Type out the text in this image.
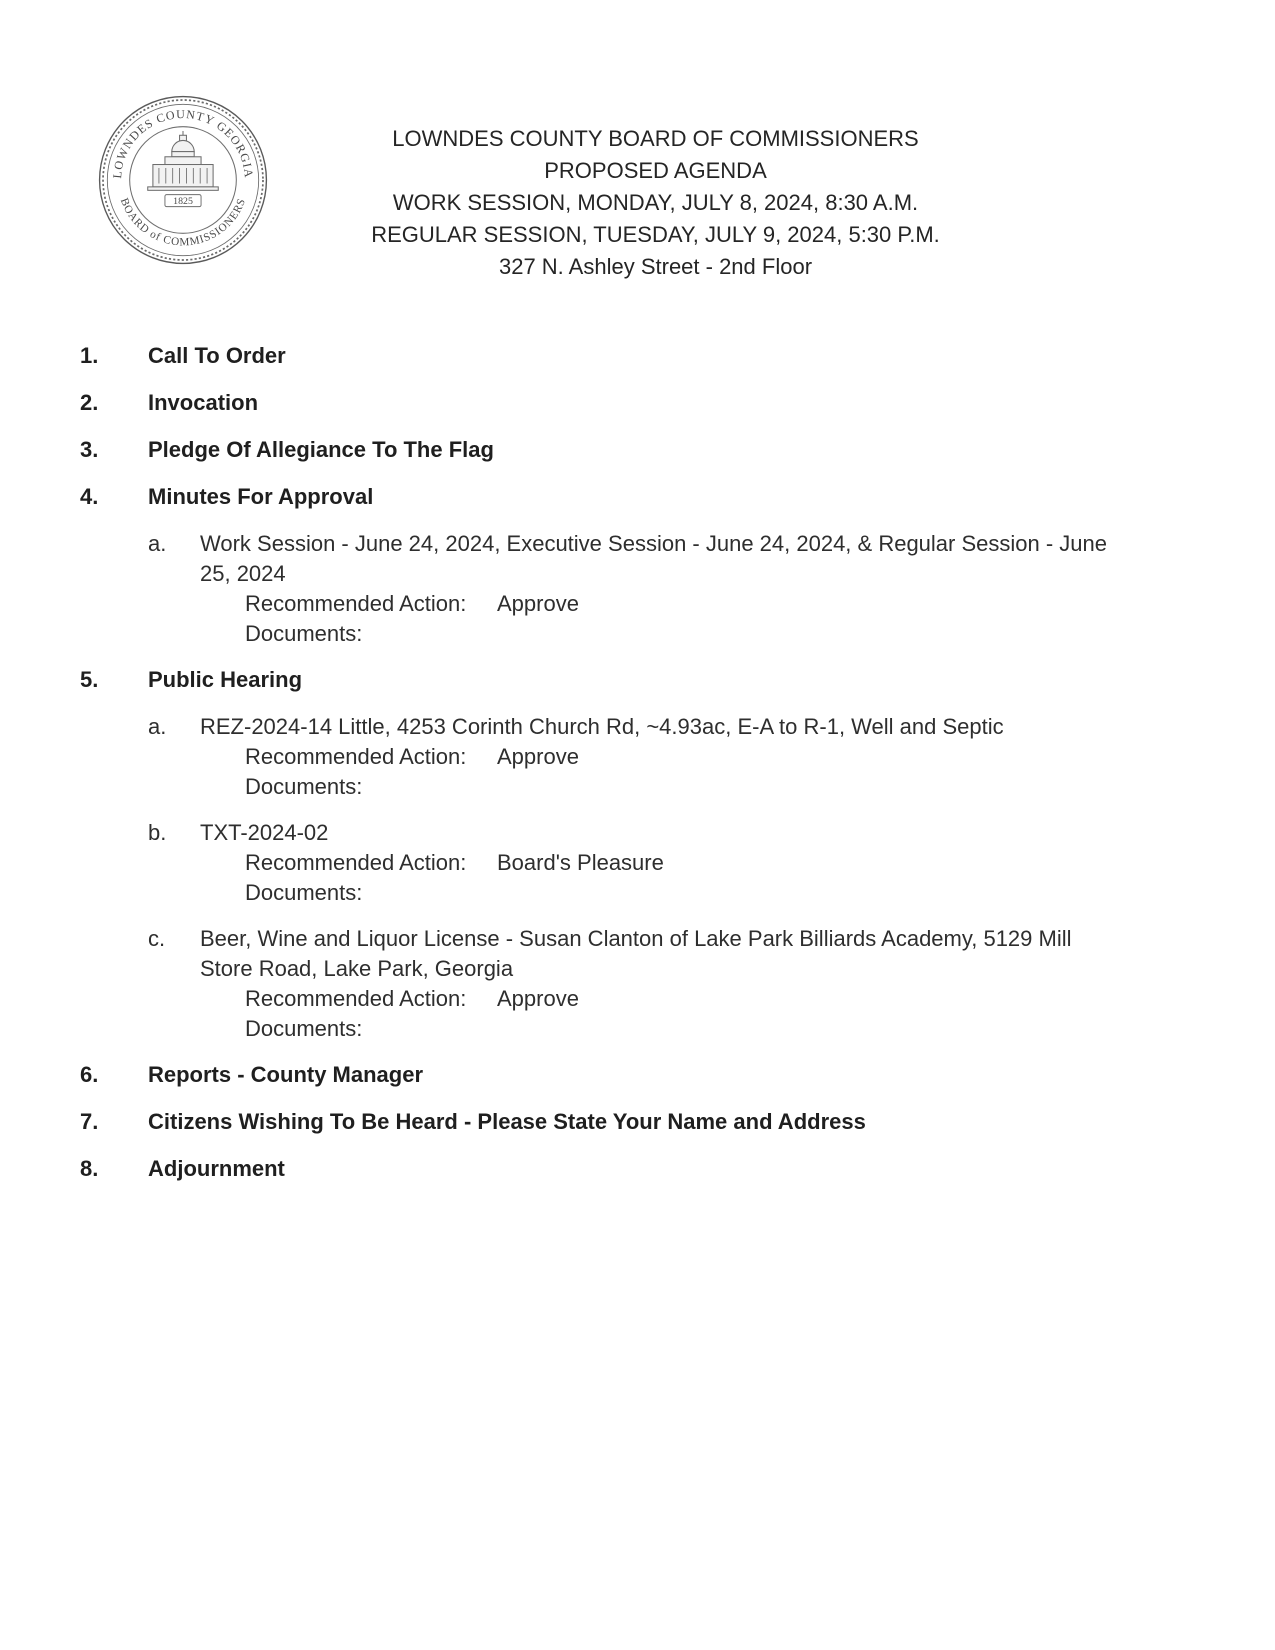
LOWNDES COUNTY GEORGIA
BOARD of COMMISSIONERS
1825
LOWNDES COUNTY BOARD OF COMMISSIONERS
PROPOSED AGENDA
WORK SESSION, MONDAY, JULY 8, 2024, 8:30 A.M.
REGULAR SESSION, TUESDAY, JULY 9, 2024, 5:30 P.M.
327 N. Ashley Street - 2nd Floor
1.	Call To Order
2.	Invocation
3.	Pledge Of Allegiance To The Flag
4.	Minutes For Approval
a.	Work Session - June 24, 2024, Executive Session - June 24, 2024, & Regular Session - June 25, 2024
Recommended Action: Approve
Documents:
5.	Public Hearing
a.	REZ-2024-14 Little, 4253 Corinth Church Rd, ~4.93ac, E-A to R-1, Well and Septic
Recommended Action: Approve
Documents:
b.	TXT-2024-02
Recommended Action: Board's Pleasure
Documents:
c.	Beer, Wine and Liquor License - Susan Clanton of Lake Park Billiards Academy, 5129 Mill Store Road, Lake Park, Georgia
Recommended Action: Approve
Documents:
6.	Reports - County Manager
7.	Citizens Wishing To Be Heard - Please State Your Name and Address
8.	Adjournment
